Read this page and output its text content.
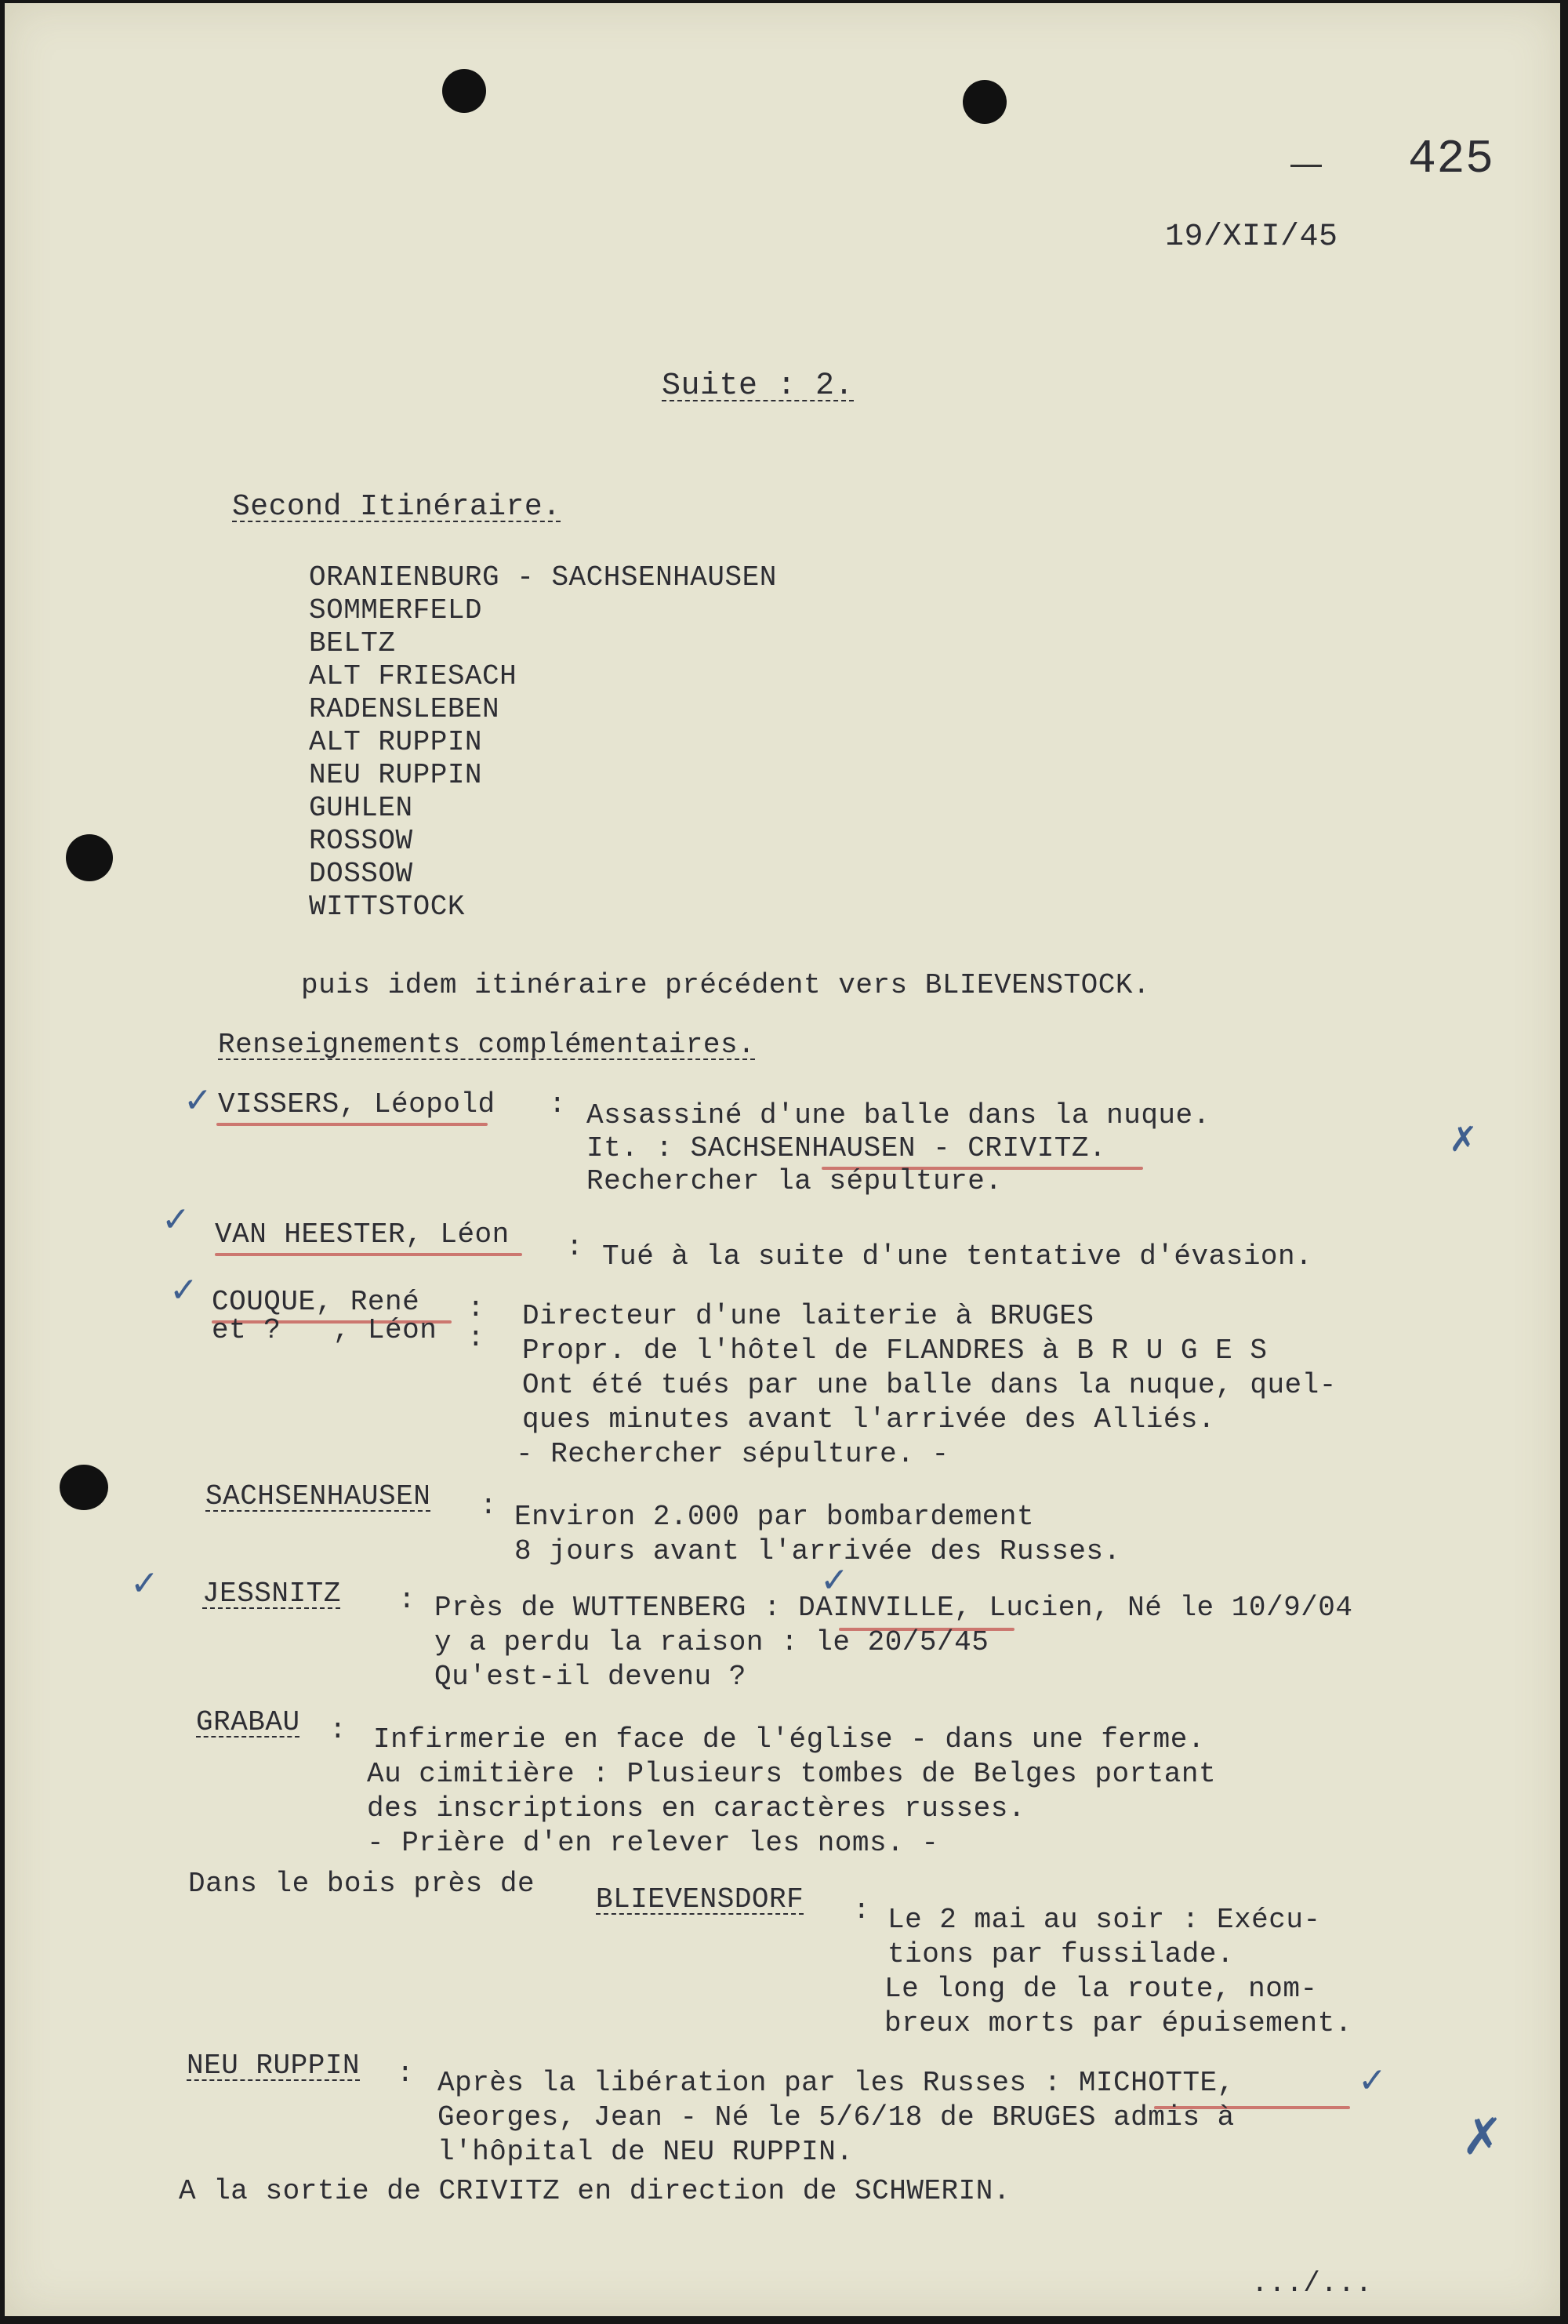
425
19/XII/45
Suite : 2.
Second Itinéraire.
ORANIENBURG - SACHSENHAUSEN
SOMMERFELD
BELTZ
ALT FRIESACH
RADENSLEBEN
ALT RUPPIN
NEU RUPPIN
GUHLEN
ROSSOW
DOSSOW
WITTSTOCK
puis idem itinéraire précédent vers BLIEVENSTOCK.
Renseignements complémentaires.
✓ VISSERS, Léopold : Assassiné d'une balle dans la nuque.
It. : SACHSENHAUSEN - CRIVITZ.
Rechercher la sépulture.
✗
✓ VAN HEESTER, Léon : Tué à la suite d'une tentative d'évasion.
✓ COUQUE, René
et ?   , Léon
:
:
Directeur d'une laiterie à BRUGES
Propr. de l'hôtel de FLANDRES à B R U G E S
Ont été tués par une balle dans la nuque, quel-
ques minutes avant l'arrivée des Alliés.
- Rechercher sépulture. -
SACHSENHAUSEN : Environ 2.000 par bombardement
8 jours avant l'arrivée des Russes.
✓ JESSNITZ :	✓
Près de WUTTENBERG : DAINVILLE, Lucien, Né le 10/9/04
y a perdu la raison : le 20/5/45
Qu'est-il devenu ?
GRABAU : Infirmerie en face de l'église - dans une ferme.
Au cimitière : Plusieurs tombes de Belges portant
des inscriptions en caractères russes.
- Prière d'en relever les noms. -
Dans le bois près de BLIEVENSDORF : Le 2 mai au soir : Exécu-
tions par fussilade.
Le long de la route, nom-
breux morts par épuisement.
NEU RUPPIN : Après la libération par les Russes : MICHOTTE,	✓
Georges, Jean - Né le 5/6/18 de BRUGES admis à
l'hôpital de NEU RUPPIN.	✗
A la sortie de CRIVITZ en direction de SCHWERIN.
.../...
